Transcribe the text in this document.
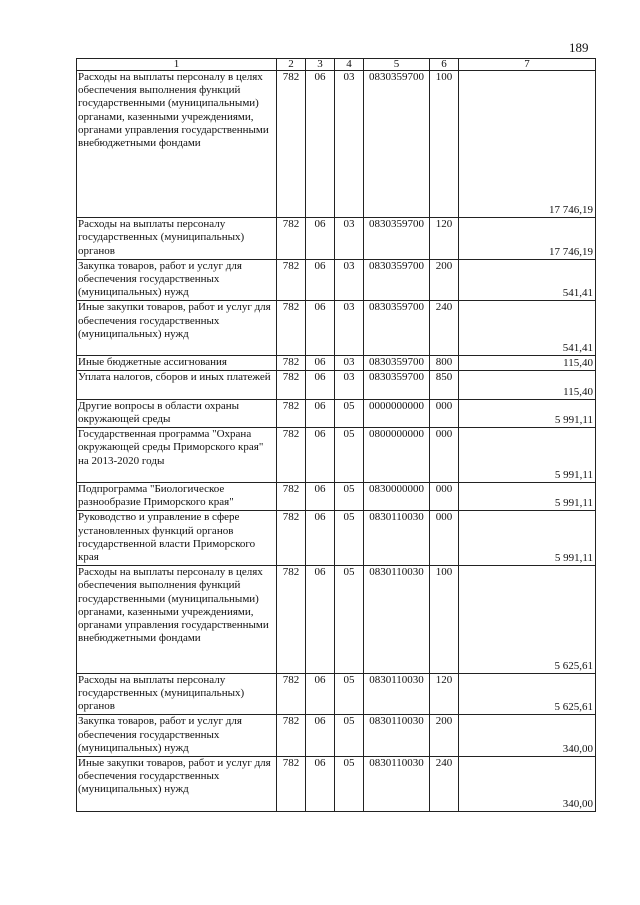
189
1	2	3	4	5	6	7
Расходы на выплаты персоналу в целях обеспечения выполнения функций государственными (муниципальными) органами, казенными учреждениями, органами управления государственными внебюджетными фондами	782	06	03	0830359700	100	17 746,19
Расходы на выплаты персоналу государственных (муниципальных) органов	782	06	03	0830359700	120	17 746,19
Закупка товаров, работ и услуг для обеспечения государственных (муниципальных) нужд	782	06	03	0830359700	200	541,41
Иные закупки товаров, работ и услуг для обеспечения государственных (муниципальных) нужд	782	06	03	0830359700	240	541,41
Иные бюджетные ассигнования	782	06	03	0830359700	800	115,40
Уплата налогов, сборов и иных платежей	782	06	03	0830359700	850	115,40
Другие вопросы в области охраны окружающей среды	782	06	05	0000000000	000	5 991,11
Государственная программа "Охрана окружающей среды Приморского края" на 2013-2020 годы	782	06	05	0800000000	000	5 991,11
Подпрограмма "Биологическое разнообразие Приморского края"	782	06	05	0830000000	000	5 991,11
Руководство и управление в сфере установленных функций органов государственной власти Приморского края	782	06	05	0830110030	000	5 991,11
Расходы на выплаты персоналу в целях обеспечения выполнения функций государственными (муниципальными) органами, казенными учреждениями, органами управления государственными внебюджетными фондами	782	06	05	0830110030	100	5 625,61
Расходы на выплаты персоналу государственных (муниципальных) органов	782	06	05	0830110030	120	5 625,61
Закупка товаров, работ и услуг для обеспечения государственных (муниципальных) нужд	782	06	05	0830110030	200	340,00
Иные закупки товаров, работ и услуг для обеспечения государственных (муниципальных) нужд	782	06	05	0830110030	240	340,00
